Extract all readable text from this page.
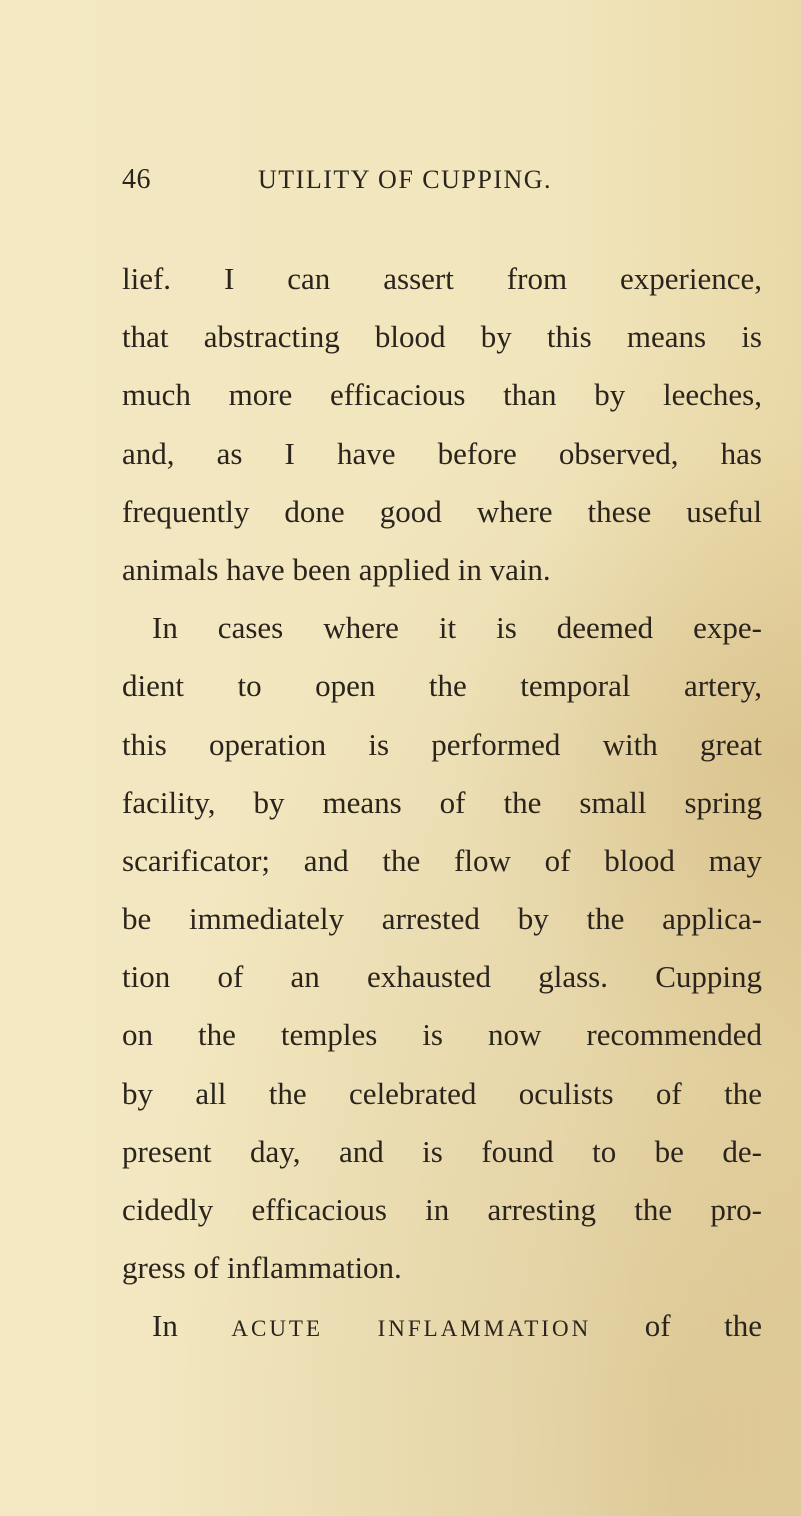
46	UTILITY OF CUPPING.
lief. I can assert from experience,
that abstracting blood by this means is
much more efficacious than by leeches,
and, as I have before observed, has
frequently done good where these useful
animals have been applied in vain.
In cases where it is deemed expe-
dient to open the temporal artery,
this operation is performed with great
facility, by means of the small spring
scarificator; and the flow of blood may
be immediately arrested by the applica-
tion of an exhausted glass. Cupping
on the temples is now recommended
by all the celebrated oculists of the
present day, and is found to be de-
cidedly efficacious in arresting the pro-
gress of inflammation.
In ACUTE INFLAMMATION of the
